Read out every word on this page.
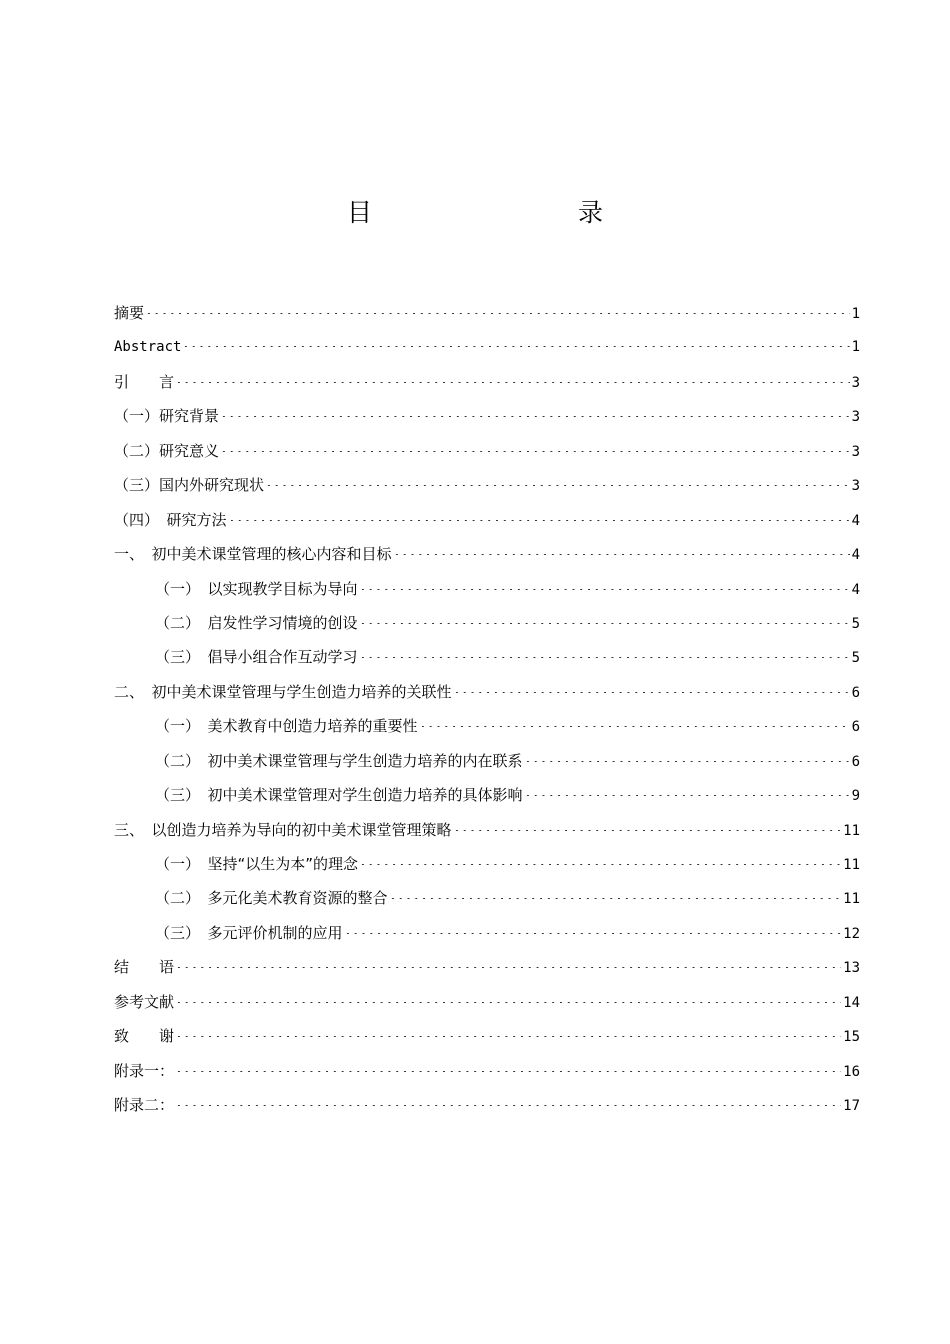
目　　录
摘要	1
Abstract	1
引　　言	3
（一）研究背景	3
（二）研究意义	3
（三）国内外研究现状	3
（四）　研究方法	4
一、　初中美术课堂管理的核心内容和目标	4
（一）　以实现教学目标为导向	4
（二）　启发性学习情境的创设	5
（三）　倡导小组合作互动学习	5
二、　初中美术课堂管理与学生创造力培养的关联性	6
（一）　美术教育中创造力培养的重要性	6
（二）　初中美术课堂管理与学生创造力培养的内在联系	6
（三）　初中美术课堂管理对学生创造力培养的具体影响	9
三、　以创造力培养为导向的初中美术课堂管理策略	11
（一）　坚持“以生为本”的理念	11
（二）　多元化美术教育资源的整合	11
（三）　多元评价机制的应用	12
结　　语	13
参考文献	14
致　　谢	15
附录一：	16
附录二：	17
